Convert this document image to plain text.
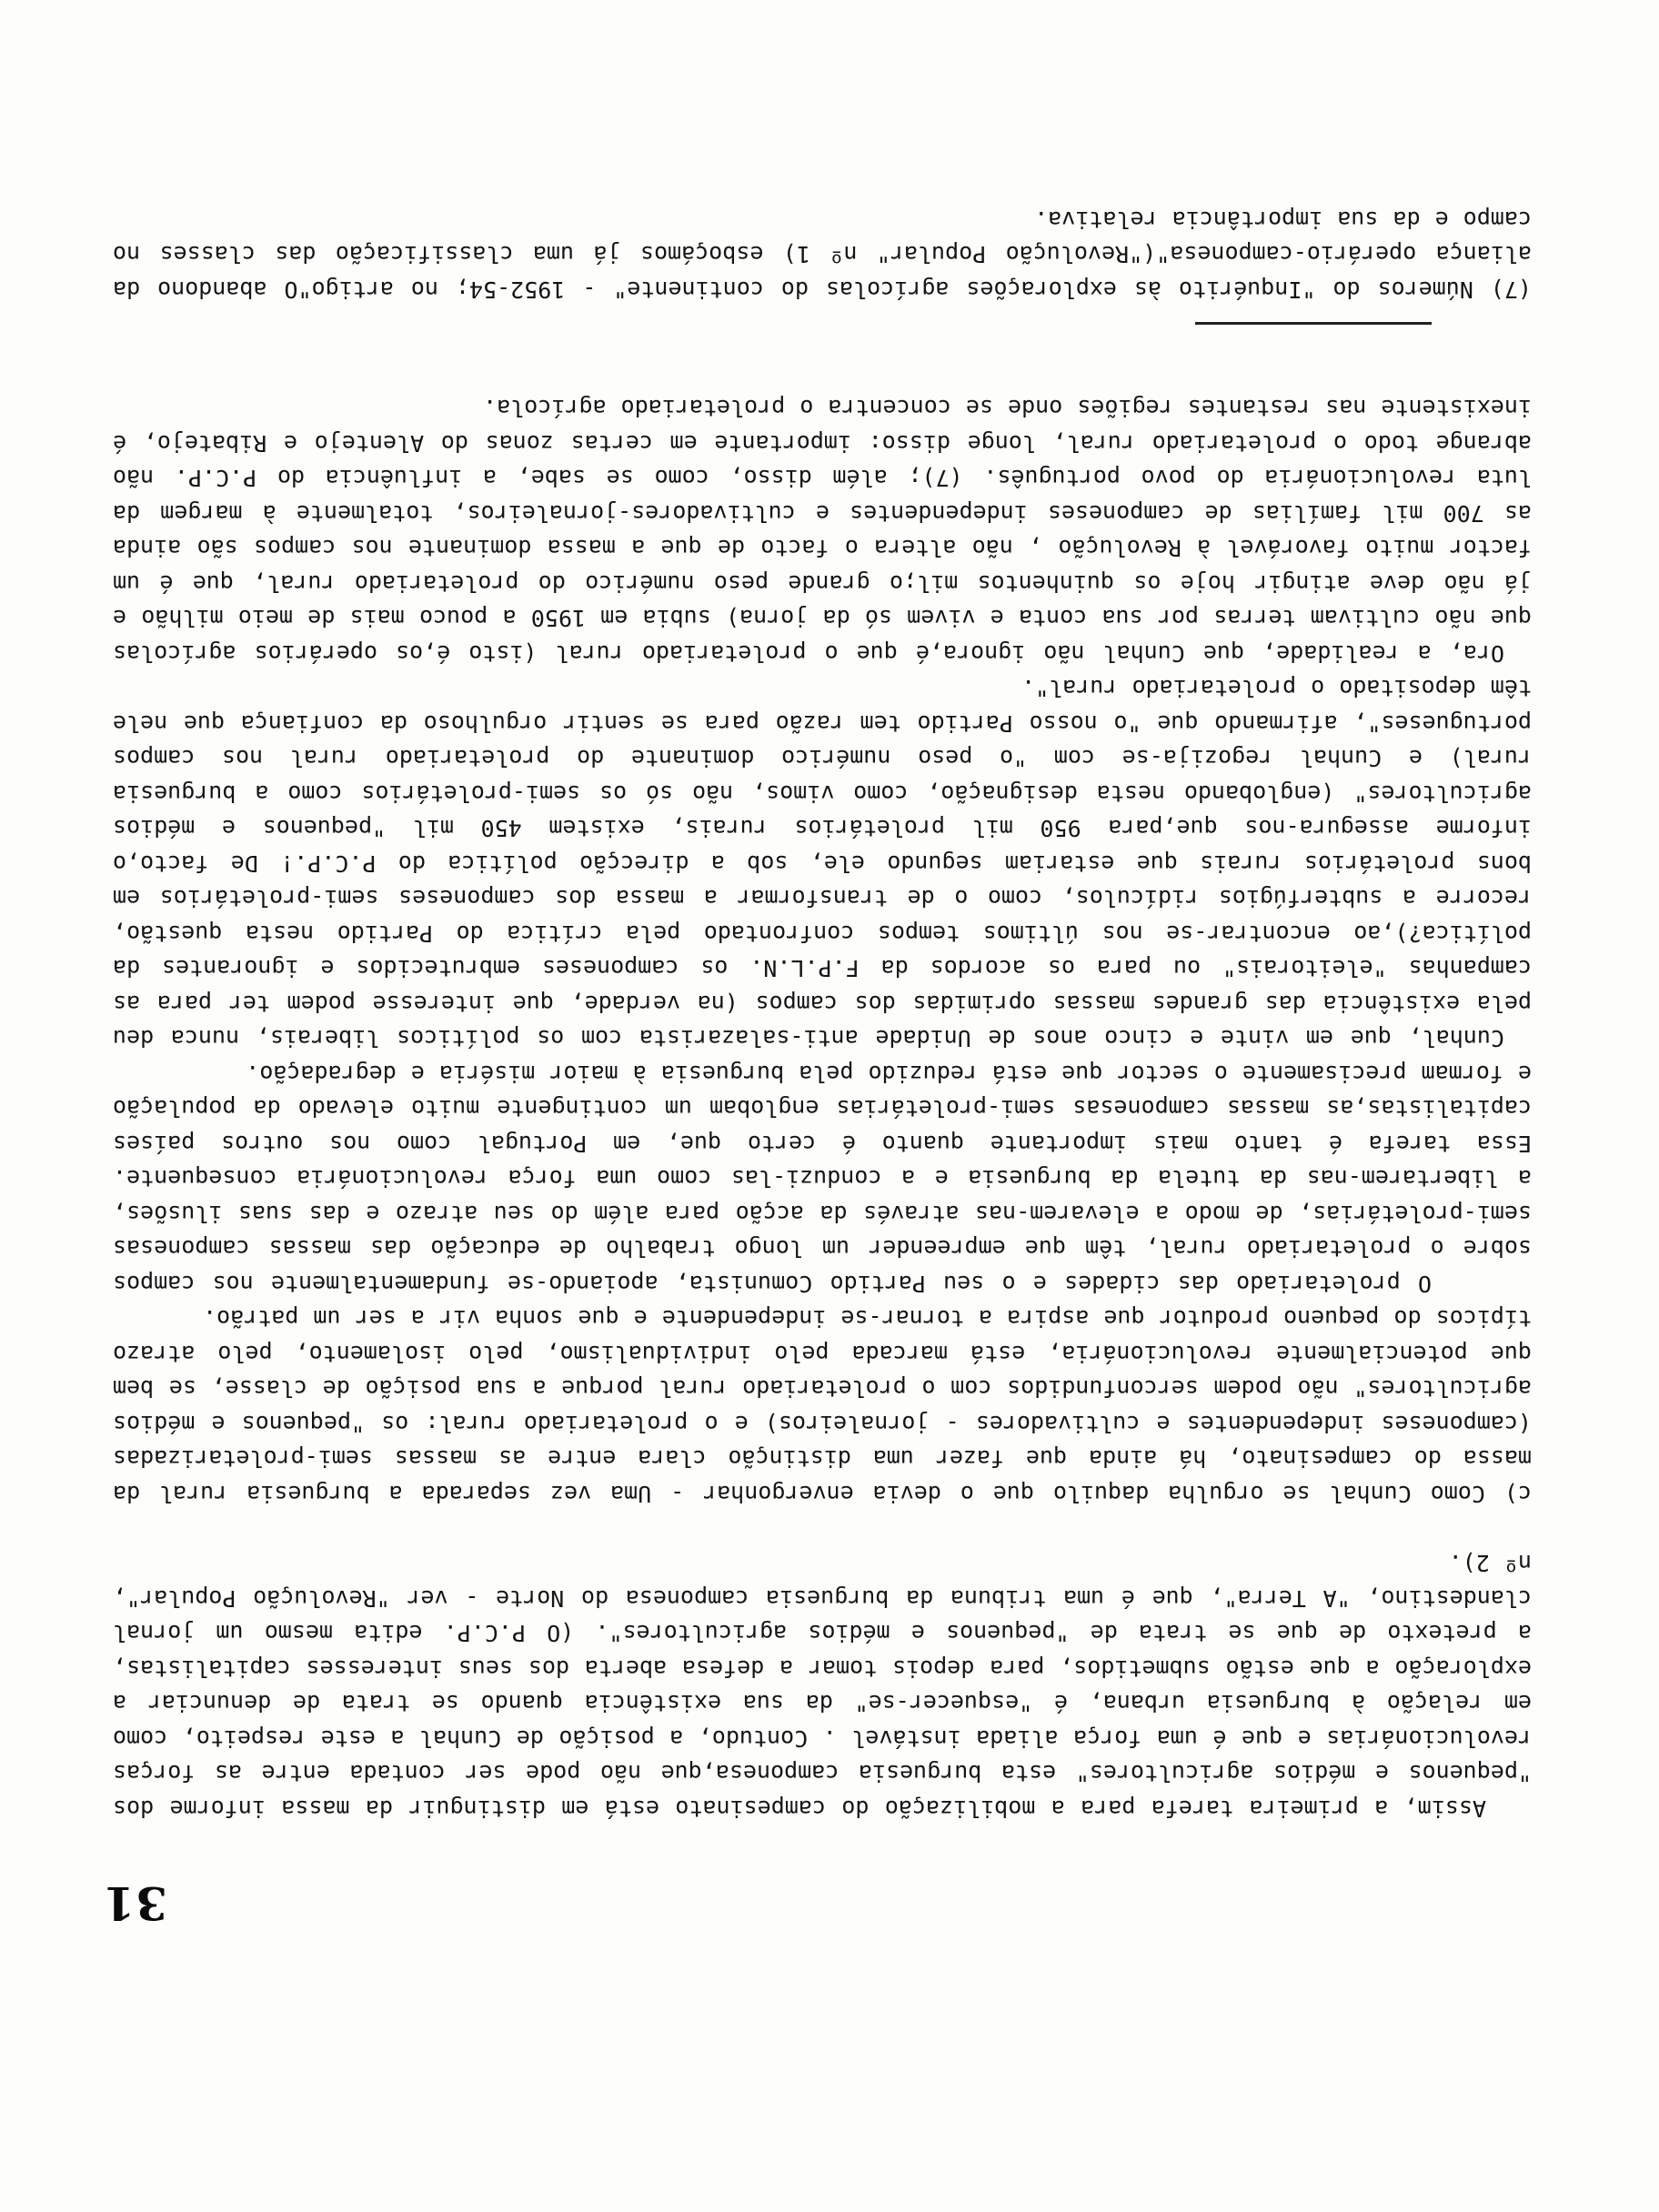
31

Assim, a primeira tarefa para a mobilização do campesinato está em distinguir da massa informe dos "pequenos e médios agricultores" esta burguesia camponesa,que não pode ser contada entre as forças revolucionárias e que é uma força aliada instável . Contudo, a posição de Cunhal a este respeito, como em relação à burguesia urbana, é "esquecer-se" da sua existência quando se trata de denunciar a exploração a que estão submetidos, para depois tomar a defesa aberta dos seus interesses capitalistas, a pretexto de que se trata de "pequenos e médios agricultores". (O P.C.P. edita mesmo um jornal clandestino, "A Terra", que é uma tribuna da burguesia camponesa do Norte - ver "Revolução Popular", nº 2).

c) Como Cunhal se orgulha daquilo que o devia envergonhar - Uma vez separada a burguesia rural da massa do campesinato, há ainda que fazer uma distinção clara entre as massas semi-proletarizadas (camponeses independentes e cultivadores - jornaleiros) e o proletariado rural: os "pequenos e médios agricultores" não podem serconfundidos com o proletariado rural porque a sua posição de classe, se bem que potencialmente revolucionária, está marcada pelo individualismo, pelo isolamento, pelo atrazo típicos do pequeno produtor que aspira a tornar-se independente e que sonha vir a ser um patrão.

O proletariado das cidades e o seu Partido Comunista, apoiando-se fundamentalmente nos campos sobre o proletariado rural, têm que empreender um longo trabalho de educação das massas camponesas semi-proletárias, de modo a elevarem-nas através da acção para além do seu atrazo e das suas ilusões, a libertarem-nas da tutela da burguesia e a conduzi-las como uma força revolucionária consequente. Essa tarefa é tanto mais importante quanto é certo que, em Portugal como nos outros países capitalistas,as massas camponesas semi-proletárias englobam um contingente muito elevado da população e formam precisamente o sector que está reduzido pela burguesia à maior miséria e degradação.

Cunhal, que em vinte e cinco anos de Unidade anti-salazarista com os políticos liberais, nunca deu pela existência das grandes massas oprimidas dos campos (na verdade, que interesse podem ter para as campanhas "eleitorais" ou para os acordos da F.P.L.N. os camponeses embrutecidos e ignorantes da política?),ao encontrar-se nos últimos tempos confrontado pela crítica do Partido nesta questão, recorre a subterfúgios ridículos, como o de transformar a massa dos camponeses semi-proletários em bons proletários rurais que estariam segundo ele, sob a direcção política do P.C.P.! De facto,o informe assegura-nos que,para 950 mil proletários rurais, existem 450 mil "pequenos e médios agricultores" (englobando nesta designação, como vimos, não só os semi-proletários como a burguesia rural) e Cunhal regozija-se com "o peso numérico dominante do proletariado rural nos campos portugueses", afirmando que "o nosso Partido tem razão para se sentir orgulhoso da confiança que nele têm depositado o proletariado rural".

Ora, a realidade, que Cunhal não ignora,é que o proletariado rural (isto é,os operários agrícolas que não cultivam terras por sua conta e vivem só da jorna) subia em 1950 a pouco mais de meio milhão e já não deve atingir hoje os quinhentos mil;o grande peso numérico do proletariado rural, que é um factor muito favorável à Revolução , não altera o facto de que a massa dominante nos campos são ainda as 700 mil famílias de camponeses independentes e cultivadores-jornaleiros, totalmente à margem da luta revolucionária do povo português. (7); além disso, como se sabe, a influência do P.C.P. não abrange todo o proletariado rural, longe disso: importante em certas zonas do Alentejo e Ribatejo, é inexistente nas restantes regiões onde se concentra o proletariado agrícola.

(7) Números do "Inquérito às explorações agrícolas do continente" - 1952-54; no artigo"O abandono da aliança operário-camponesa"("Revolução Popular" nº 1) esboçámos já uma classificação das classes no campo e da sua importância relativa.
